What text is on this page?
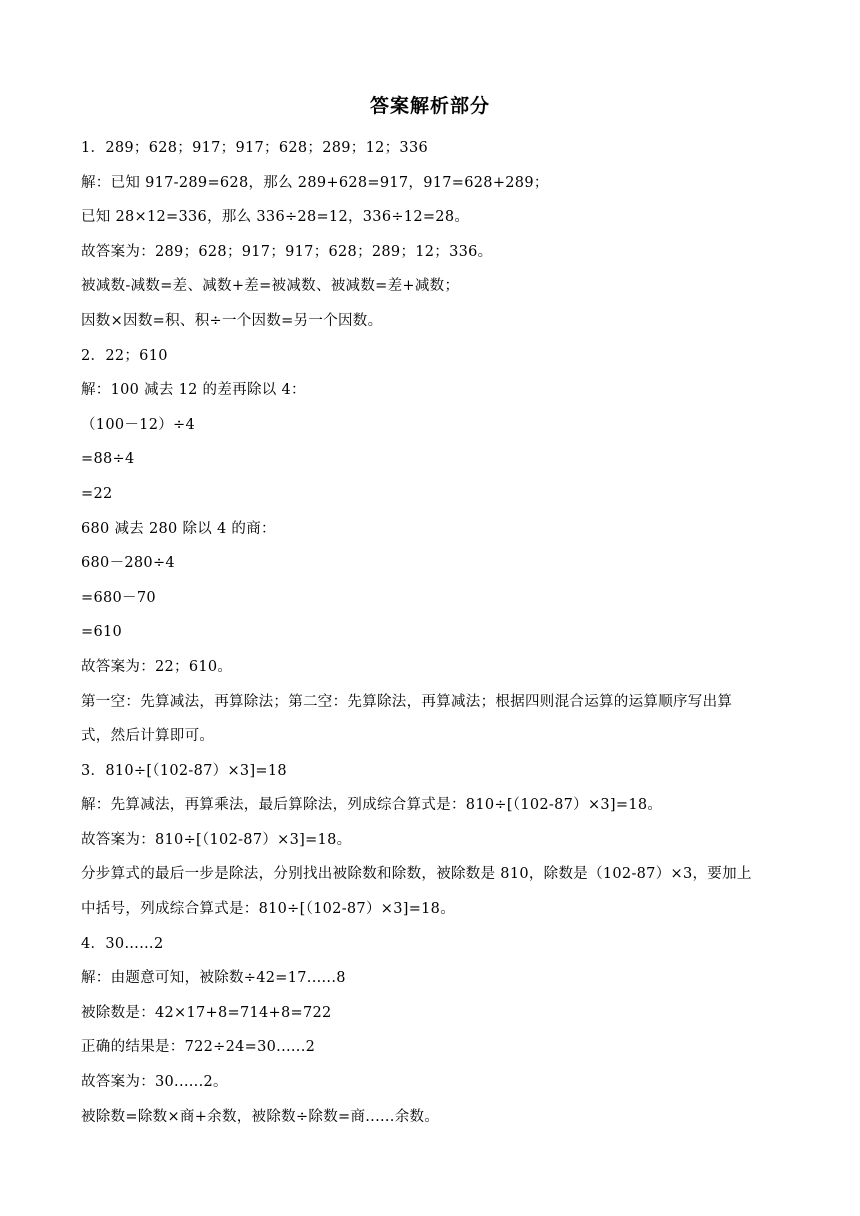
答案解析部分
1．289；628；917；917；628；289；12；336
解：已知 917-289=628，那么 289+628=917，917=628+289；
已知 28×12=336，那么 336÷28=12，336÷12=28。
故答案为：289；628；917；917；628；289；12；336。
被减数-减数=差、减数+差=被减数、被减数=差+减数；
因数×因数=积、积÷一个因数=另一个因数。
2．22；610
解：100 减去 12 的差再除以 4：
（100－12）÷4
=88÷4
=22
680 减去 280 除以 4 的商：
680－280÷4
=680－70
=610
故答案为：22；610。
第一空：先算减法，再算除法；第二空：先算除法，再算减法；根据四则混合运算的运算顺序写出算
式，然后计算即可。
3．810÷[（102-87）×3]=18
解：先算减法，再算乘法，最后算除法，列成综合算式是：810÷[（102-87）×3]=18。
故答案为：810÷[（102-87）×3]=18。
分步算式的最后一步是除法，分别找出被除数和除数，被除数是 810，除数是（102-87）×3，要加上
中括号，列成综合算式是：810÷[（102-87）×3]=18。
4．30……2
解：由题意可知，被除数÷42=17......8
被除数是：42×17+8=714+8=722
正确的结果是：722÷24=30......2
故答案为：30......2。
被除数=除数×商+余数，被除数÷除数=商......余数。
